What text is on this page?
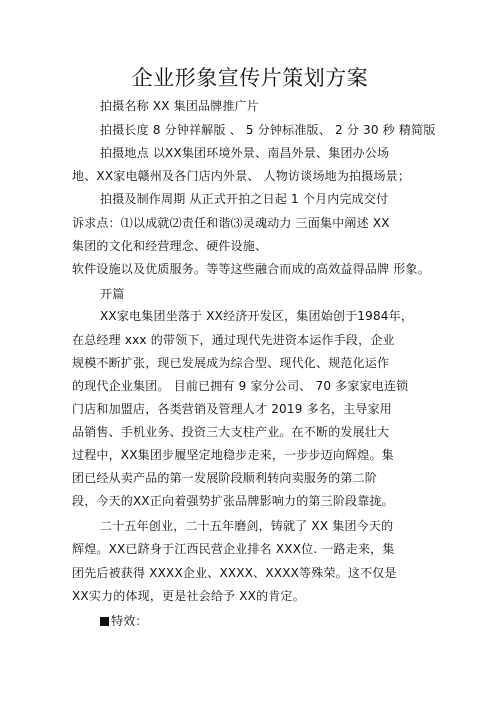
企业形象宣传片策划方案
拍摄名称 XX 集团品牌推广片
拍摄长度 8 分钟祥解版 、 5 分钟标准版、 2 分 30 秒 精简版
拍摄地点 以XX集团环境外景、南昌外景、集团办公场
地、XX家电赣州及各门店内外景、 人物访谈场地为拍摄场景；
拍摄及制作周期 从正式开拍之日起 1 个月内完成交付
诉求点：⑴以成就⑵责任和谐⑶灵魂动力 三面集中阐述 XX
集团的文化和经营理念、硬件设施、
软件设施以及优质服务。等等这些融合而成的高效益得品牌 形象。
开篇
XX家电集团坐落于 XX经济开发区，集团始创于1984年，
在总经理 xxx 的带领下，通过现代先进资本运作手段，企业
规模不断扩张，现已发展成为综合型、现代化、规范化运作
的现代企业集团。 目前已拥有 9 家分公司、 70 多家家电连锁
门店和加盟店，各类营销及管理人才 2019 多名，主导家用
品销售、手机业务、投资三大支柱产业。在不断的发展壮大
过程中，XX集团步履坚定地稳步走来，一步步迈向辉煌。集
团已经从卖产品的第一发展阶段顺利转向卖服务的第二阶
段，今天的XX正向着强势扩张品牌影响力的第三阶段靠拢。
二十五年创业，二十五年磨剑，铸就了 XX 集团今天的
辉煌。XX已跻身于江西民营企业排名 XXX位. 一路走来，集
团先后被获得 XXXX企业、XXXX、XXXX等殊荣。这不仅是
XX实力的体现，更是社会给予 XX的肯定。
特效：
